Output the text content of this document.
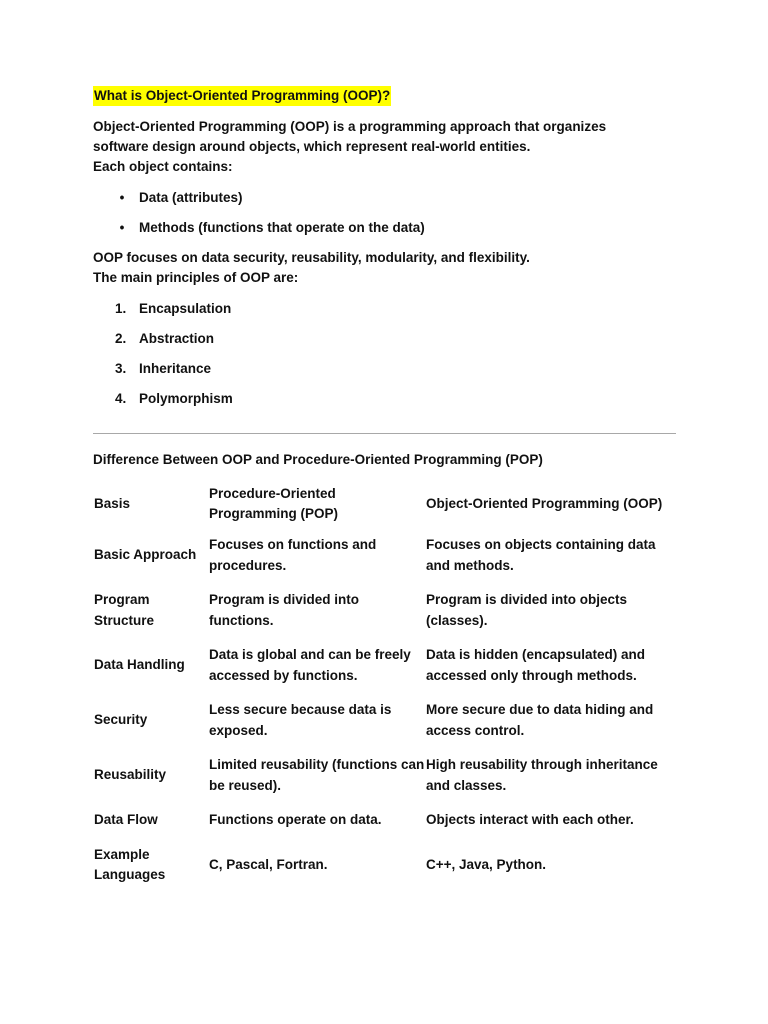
What is Object-Oriented Programming (OOP)?

Object-Oriented Programming (OOP) is a programming approach that organizes

software design around objects, which represent real-world entities.

Each object contains:

• Data (attributes)
• Methods (functions that operate on the data)

OOP focuses on data security, reusability, modularity, and flexibility.

The main principles of OOP are:

1. Encapsulation
2. Abstraction
3. Inheritance
4. Polymorphism
Difference Between OOP and Procedure-Oriented Programming (POP)
Basis	Procedure-Oriented Programming (POP)	Object-Oriented Programming (OOP)
Basic Approach	Focuses on functions and procedures.	Focuses on objects containing data and methods.
Program Structure	Program is divided into functions.	Program is divided into objects (classes).
Data Handling	Data is global and can be freely accessed by functions.	Data is hidden (encapsulated) and accessed only through methods.
Security	Less secure because data is exposed.	More secure due to data hiding and access control.
Reusability	Limited reusability (functions can be reused).	High reusability through inheritance and classes.
Data Flow	Functions operate on data.	Objects interact with each other.
Example Languages	C, Pascal, Fortran.	C++, Java, Python.
